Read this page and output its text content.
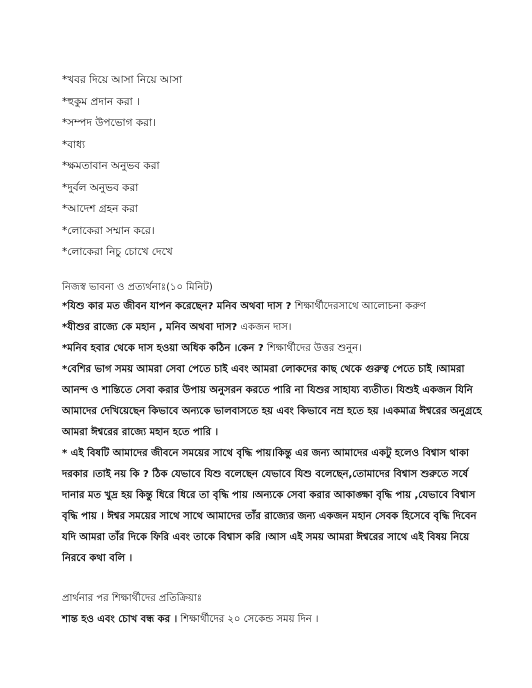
*খবর দিয়ে আসা নিয়ে আসা
*হুকুম প্রদান করা ।
*সম্পদ উপভোগ করা।
*বাধ্য
*ক্ষমতাবান অনুভব করা
*দুর্বল অনুভব করা
*আদেশ গ্রহন করা
*লোকেরা সম্মান করে।
*লোকেরা নিচু চোখে দেখে
নিজস্ব ভাবনা ও প্রত্যর্থনাঃ(১০ মিনিট)

*যিশু কার মত জীবন যাপন করেছেন? মনিব অথবা দাস ? শিক্ষার্থীদেরসাথে আলোচনা করুণ

*যীশুর রাজ্যে কে মহান , মনিব অথবা দাস? একজন দাস।

*মনিব হবার থেকে দাস হওয়া অধিক কঠিন ।কেন ? শিক্ষার্থীদের উত্তর শুনুন।

*বেশির ভাগ সময় আমরা সেবা পেতে চাই এবং আমরা লোকদের কাছ থেকে গুরুত্ব পেতে চাই ।আমরা আনন্দ ও শান্তিতে সেবা করার উপায় অনুসরন করতে পারি না যিশুর সাহায্য ব্যতীত। যিশুই একজন যিনি আমাদের দেখিয়েছেন কিভাবে অন্যকে ভালবাসতে হয় এবং কিভাবে নম্র হতে হয় ।একমাত্র ঈশ্বরের অনুগ্রহে আমরা ঈশ্বরের রাজ্যে মহান হতে পারি ।

* এই বিষটি আমাদের জীবনে সময়ের সাথে বৃদ্ধি পায়।কিন্তু এর জন্য আমাদের একটু হলেও বিশ্বাস থাকা দরকার ।তাই নয় কি ? ঠিক যেভাবে যিশু বলেছেন যেভাবে যিশু বলেছেন,তোমাদের বিশ্বাস শুরুতে সর্ষে দানার মত খুদ্র হয় কিন্তু ধিরে ধিরে তা বৃদ্ধি পায় ।অন্যকে সেবা করার আকাঙ্ক্ষা বৃদ্ধি পায় ,যেভাবে বিশ্বাস বৃদ্ধি পায় । ঈশ্বর সময়ের সাথে সাথে আমাদের তাঁর রাজ্যের জন্য একজন মহান সেবক হিসেবে বৃদ্ধি দিবেন যদি আমরা তাঁর দিকে ফিরি এবং তাকে বিশ্বাস করি ।আস এই সময় আমরা ঈশ্বরের সাথে এই বিষয় নিয়ে নিরবে কথা বলি ।

প্রার্থনার পর শিক্ষার্থীদের প্রতিক্রিয়াঃ
শান্ত হও এবং চোখ বন্ধ কর । শিক্ষার্থীদের ২০ সেকেন্ড সময় দিন ।
